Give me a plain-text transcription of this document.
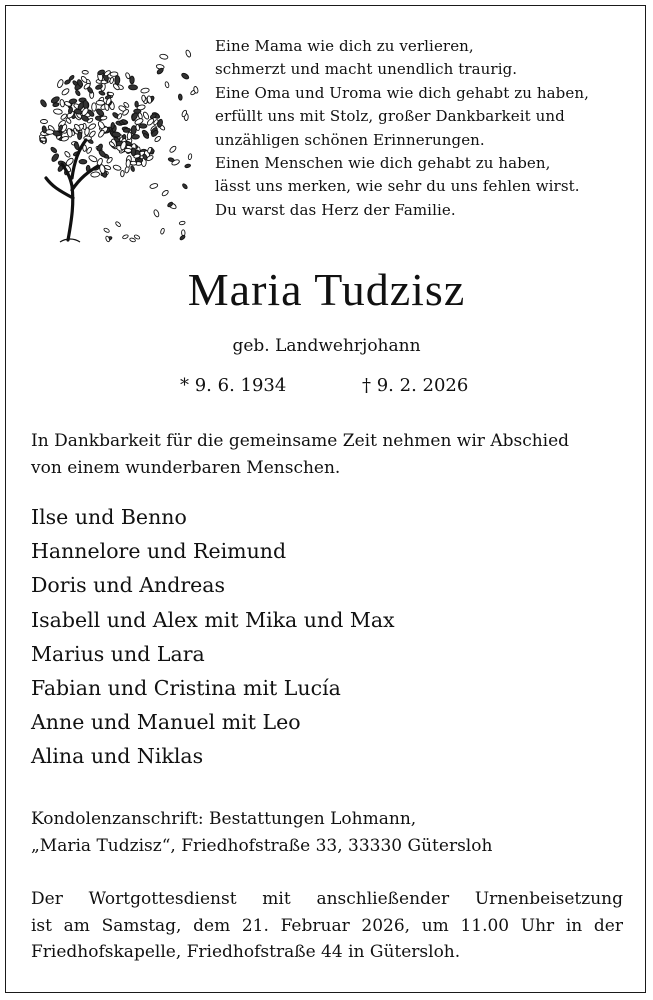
Eine Mama wie dich zu verlieren,
schmerzt und macht unendlich traurig.
Eine Oma und Uroma wie dich gehabt zu haben,
erfüllt uns mit Stolz, großer Dankbarkeit und
unzähligen schönen Erinnerungen.
Einen Menschen wie dich gehabt zu haben,
lässt uns merken, wie sehr du uns fehlen wirst.
Du warst das Herz der Familie.
Maria Tudzisz
geb. Landwehrjohann
* 9. 6. 1934	† 9. 2. 2026
In Dankbarkeit für die gemeinsame Zeit nehmen wir Abschied
von einem wunderbaren Menschen.
Ilse und Benno
Hannelore und Reimund
Doris und Andreas
Isabell und Alex mit Mika und Max
Marius und Lara
Fabian und Cristina mit Lucía
Anne und Manuel mit Leo
Alina und Niklas
Kondolenzanschrift: Bestattungen Lohmann,
„Maria Tudzisz“, Friedhofstraße 33, 33330 Gütersloh
Der Wortgottesdienst mit anschließender Urnenbeisetzung
ist am Samstag, dem 21. Februar 2026, um 11.00 Uhr in der
Friedhofskapelle, Friedhofstraße 44 in Gütersloh.
